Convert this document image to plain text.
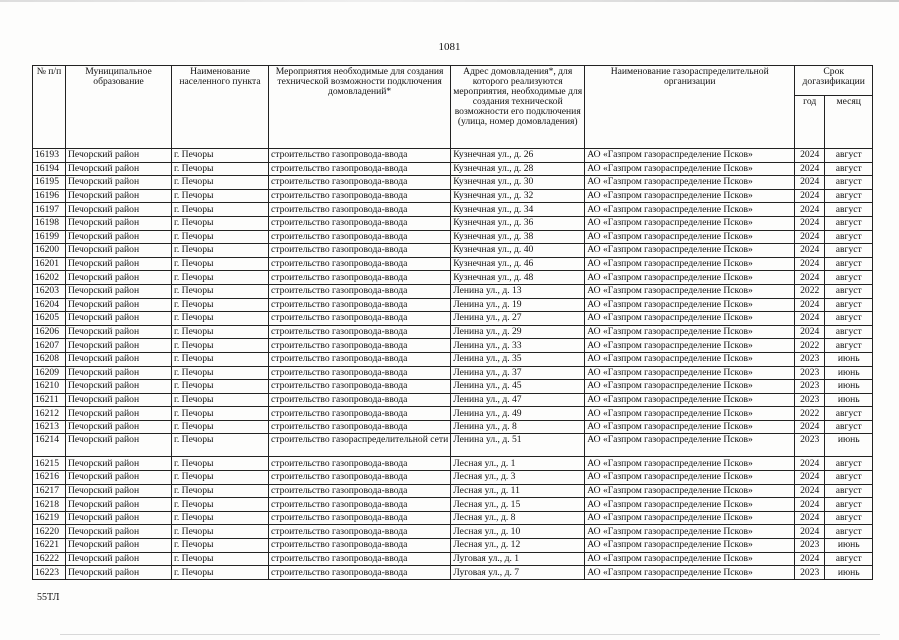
1081
№ п/п	Муниципальное образование	Наименование населенного пункта	Мероприятия необходимые для создания технической возможности подключения домовладений*	Адрес домовладения*, для которого реализуются мероприятия, необходимые для создания технической возможности его подключения (улица, номер домовладения)	Наименование газораспределительной организации	Срок догазификации	
						год	месяц
16193	Печорский район	г. Печоры	строительство газопровода-ввода	Кузнечная ул., д. 26	АО «Газпром газораспределение Псков»	2024	август
16194	Печорский район	г. Печоры	строительство газопровода-ввода	Кузнечная ул., д. 28	АО «Газпром газораспределение Псков»	2024	август
16195	Печорский район	г. Печоры	строительство газопровода-ввода	Кузнечная ул., д. 30	АО «Газпром газораспределение Псков»	2024	август
16196	Печорский район	г. Печоры	строительство газопровода-ввода	Кузнечная ул., д. 32	АО «Газпром газораспределение Псков»	2024	август
16197	Печорский район	г. Печоры	строительство газопровода-ввода	Кузнечная ул., д. 34	АО «Газпром газораспределение Псков»	2024	август
16198	Печорский район	г. Печоры	строительство газопровода-ввода	Кузнечная ул., д. 36	АО «Газпром газораспределение Псков»	2024	август
16199	Печорский район	г. Печоры	строительство газопровода-ввода	Кузнечная ул., д. 38	АО «Газпром газораспределение Псков»	2024	август
16200	Печорский район	г. Печоры	строительство газопровода-ввода	Кузнечная ул., д. 40	АО «Газпром газораспределение Псков»	2024	август
16201	Печорский район	г. Печоры	строительство газопровода-ввода	Кузнечная ул., д. 46	АО «Газпром газораспределение Псков»	2024	август
16202	Печорский район	г. Печоры	строительство газопровода-ввода	Кузнечная ул., д. 48	АО «Газпром газораспределение Псков»	2024	август
16203	Печорский район	г. Печоры	строительство газопровода-ввода	Ленина ул., д. 13	АО «Газпром газораспределение Псков»	2022	август
16204	Печорский район	г. Печоры	строительство газопровода-ввода	Ленина ул., д. 19	АО «Газпром газораспределение Псков»	2024	август
16205	Печорский район	г. Печоры	строительство газопровода-ввода	Ленина ул., д. 27	АО «Газпром газораспределение Псков»	2024	август
16206	Печорский район	г. Печоры	строительство газопровода-ввода	Ленина ул., д. 29	АО «Газпром газораспределение Псков»	2024	август
16207	Печорский район	г. Печоры	строительство газопровода-ввода	Ленина ул., д. 33	АО «Газпром газораспределение Псков»	2022	август
16208	Печорский район	г. Печоры	строительство газопровода-ввода	Ленина ул., д. 35	АО «Газпром газораспределение Псков»	2023	июнь
16209	Печорский район	г. Печоры	строительство газопровода-ввода	Ленина ул., д. 37	АО «Газпром газораспределение Псков»	2023	июнь
16210	Печорский район	г. Печоры	строительство газопровода-ввода	Ленина ул., д. 45	АО «Газпром газораспределение Псков»	2023	июнь
16211	Печорский район	г. Печоры	строительство газопровода-ввода	Ленина ул., д. 47	АО «Газпром газораспределение Псков»	2023	июнь
16212	Печорский район	г. Печоры	строительство газопровода-ввода	Ленина ул., д. 49	АО «Газпром газораспределение Псков»	2022	август
16213	Печорский район	г. Печоры	строительство газопровода-ввода	Ленина ул., д. 8	АО «Газпром газораспределение Псков»	2024	август
16214	Печорский район	г. Печоры	строительство газораспределительной сети	Ленина ул., д. 51	АО «Газпром газораспределение Псков»	2023	июнь
16215	Печорский район	г. Печоры	строительство газопровода-ввода	Лесная ул., д. 1	АО «Газпром газораспределение Псков»	2024	август
16216	Печорский район	г. Печоры	строительство газопровода-ввода	Лесная ул., д. 3	АО «Газпром газораспределение Псков»	2024	август
16217	Печорский район	г. Печоры	строительство газопровода-ввода	Лесная ул., д. 11	АО «Газпром газораспределение Псков»	2024	август
16218	Печорский район	г. Печоры	строительство газопровода-ввода	Лесная ул., д. 15	АО «Газпром газораспределение Псков»	2024	август
16219	Печорский район	г. Печоры	строительство газопровода-ввода	Лесная ул., д. 8	АО «Газпром газораспределение Псков»	2024	август
16220	Печорский район	г. Печоры	строительство газопровода-ввода	Лесная ул., д. 10	АО «Газпром газораспределение Псков»	2024	август
16221	Печорский район	г. Печоры	строительство газопровода-ввода	Лесная ул., д. 12	АО «Газпром газораспределение Псков»	2023	июнь
16222	Печорский район	г. Печоры	строительство газопровода-ввода	Луговая ул., д. 1	АО «Газпром газораспределение Псков»	2024	август
16223	Печорский район	г. Печоры	строительство газопровода-ввода	Луговая ул., д. 7	АО «Газпром газораспределение Псков»	2023	июнь
55ТЛ
